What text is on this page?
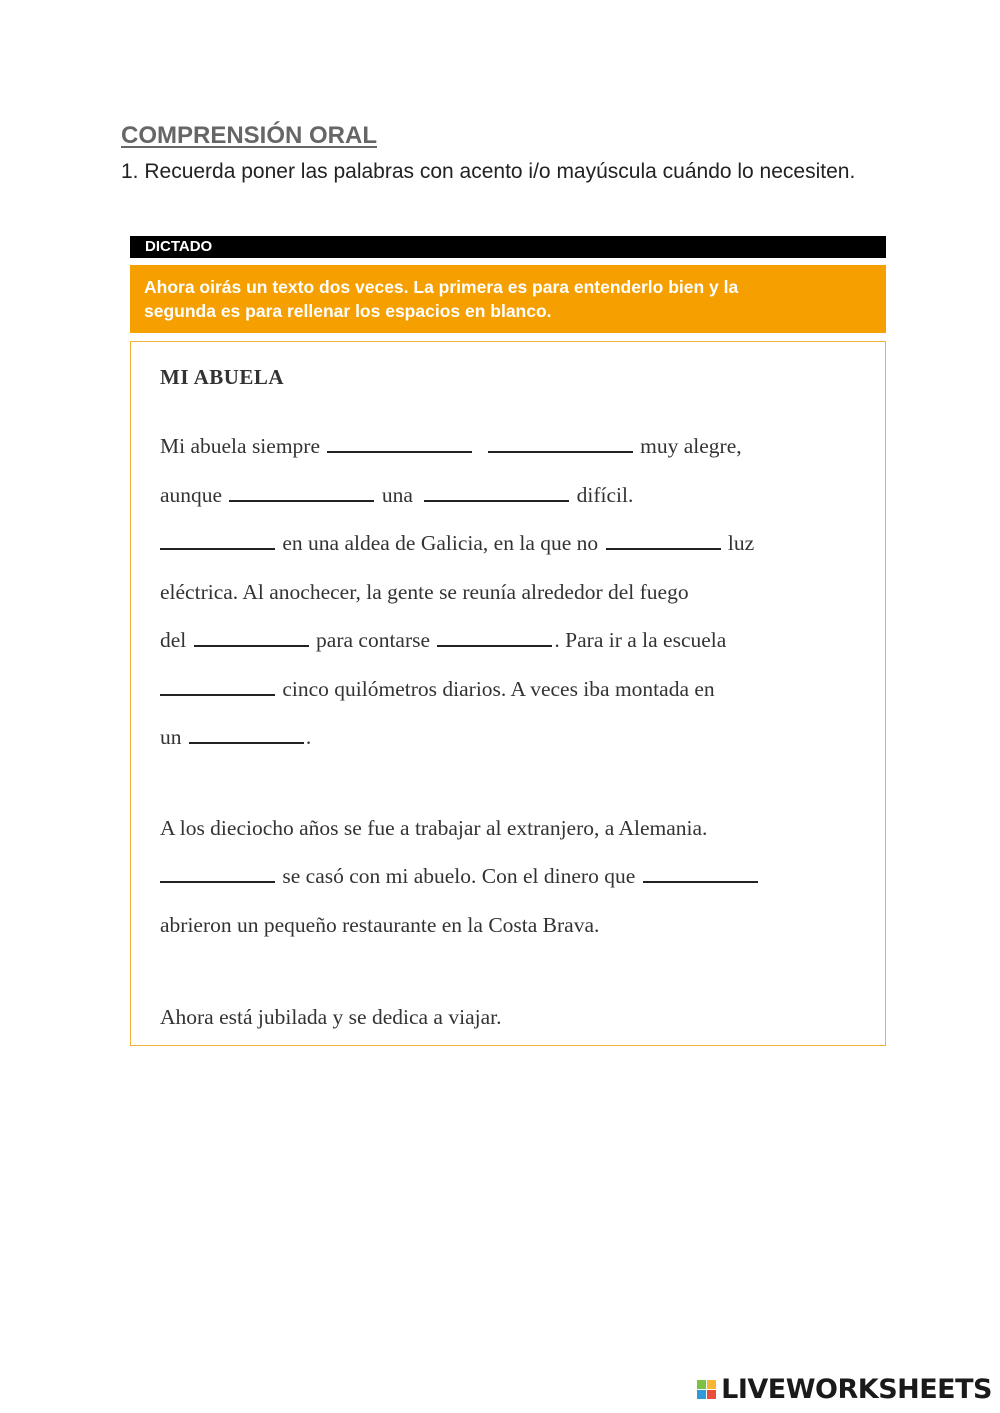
COMPRENSIÓN ORAL

1. Recuerda poner las palabras con acento i/o mayúscula cuándo lo necesiten.

DICTADO
Ahora oirás un texto dos veces. La primera es para entenderlo bien y la
segunda es para rellenar los espacios en blanco.

MI ABUELA

Mi abuela siempre	muy alegre,
aunque	una	difícil.
en una aldea de Galicia, en la que no	luz
eléctrica. Al anochecer, la gente se reunía alrededor del fuego
del	para contarse	. Para ir a la escuela
cinco quilómetros diarios. A veces iba montada en
un	.
A los dieciocho años se fue a trabajar al extranjero, a Alemania.
se casó con mi abuelo. Con el dinero que
abrieron un pequeño restaurante en la Costa Brava.
Ahora está jubilada y se dedica a viajar.
LIVEWORKSHEETS
